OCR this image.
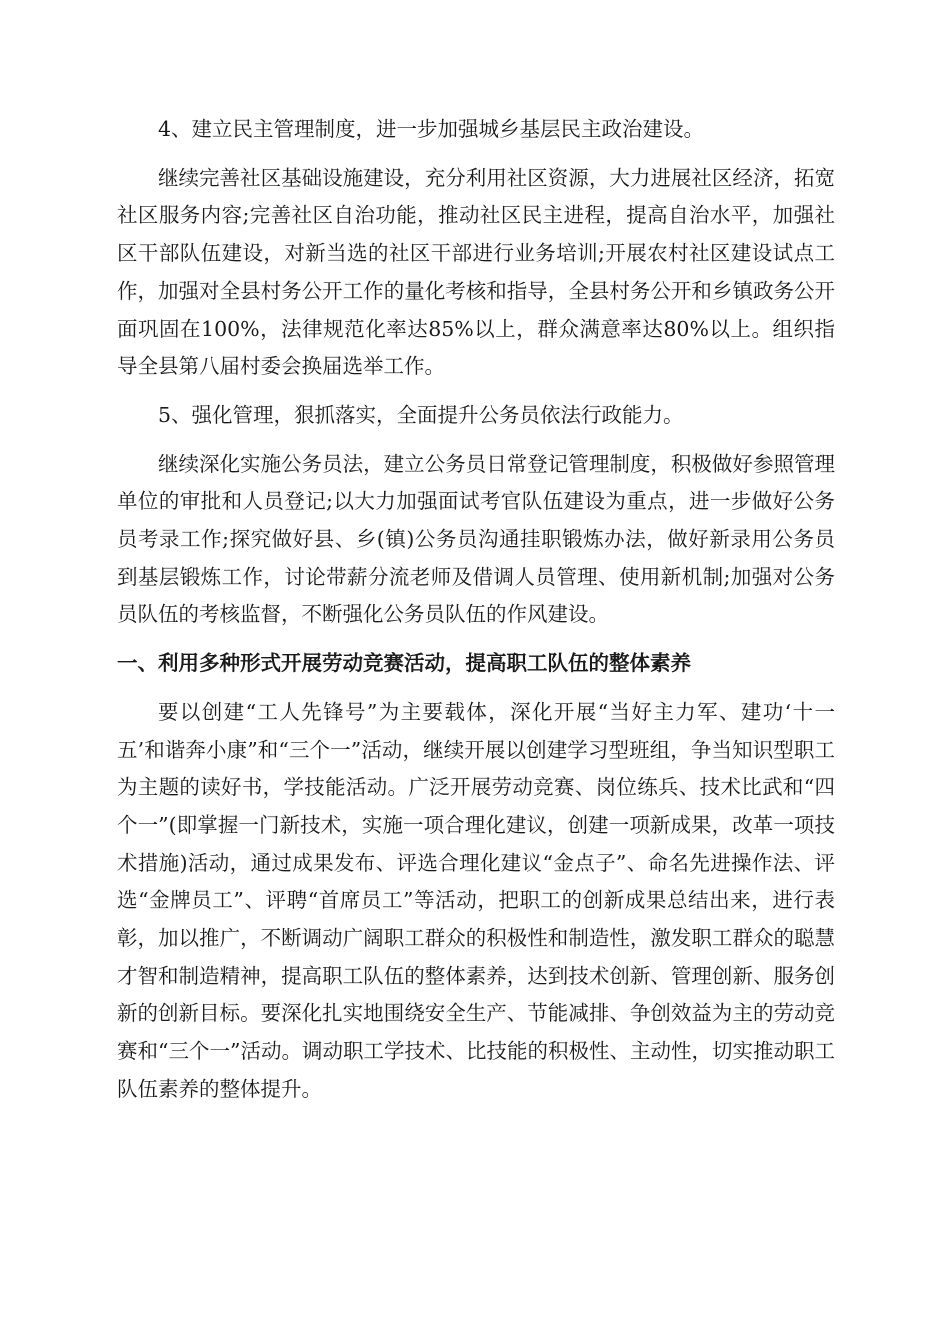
4、建立民主管理制度，进一步加强城乡基层民主政治建设。

继续完善社区基础设施建设，充分利用社区资源，大力进展社区经济，拓宽社区服务内容;完善社区自治功能，推动社区民主进程，提高自治水平，加强社区干部队伍建设，对新当选的社区干部进行业务培训;开展农村社区建设试点工作，加强对全县村务公开工作的量化考核和指导，全县村务公开和乡镇政务公开面巩固在100%，法律规范化率达85%以上，群众满意率达80%以上。组织指导全县第八届村委会换届选举工作。

5、强化管理，狠抓落实，全面提升公务员依法行政能力。

继续深化实施公务员法，建立公务员日常登记管理制度，积极做好参照管理单位的审批和人员登记;以大力加强面试考官队伍建设为重点，进一步做好公务员考录工作;探究做好县、乡(镇)公务员沟通挂职锻炼办法，做好新录用公务员到基层锻炼工作，讨论带薪分流老师及借调人员管理、使用新机制;加强对公务员队伍的考核监督，不断强化公务员队伍的作风建设。

一、利用多种形式开展劳动竞赛活动，提高职工队伍的整体素养

要以创建“工人先锋号”为主要载体，深化开展“当好主力军、建功‘十一五’和谐奔小康”和“三个一”活动，继续开展以创建学习型班组，争当知识型职工为主题的读好书，学技能活动。广泛开展劳动竞赛、岗位练兵、技术比武和“四个一”(即掌握一门新技术，实施一项合理化建议，创建一项新成果，改革一项技术措施)活动，通过成果发布、评选合理化建议“金点子”、命名先进操作法、评选“金牌员工”、评聘“首席员工”等活动，把职工的创新成果总结出来，进行表彰，加以推广，不断调动广阔职工群众的积极性和制造性，激发职工群众的聪慧才智和制造精神，提高职工队伍的整体素养，达到技术创新、管理创新、服务创新的创新目标。要深化扎实地围绕安全生产、节能减排、争创效益为主的劳动竞赛和“三个一”活动。调动职工学技术、比技能的积极性、主动性，切实推动职工队伍素养的整体提升。
